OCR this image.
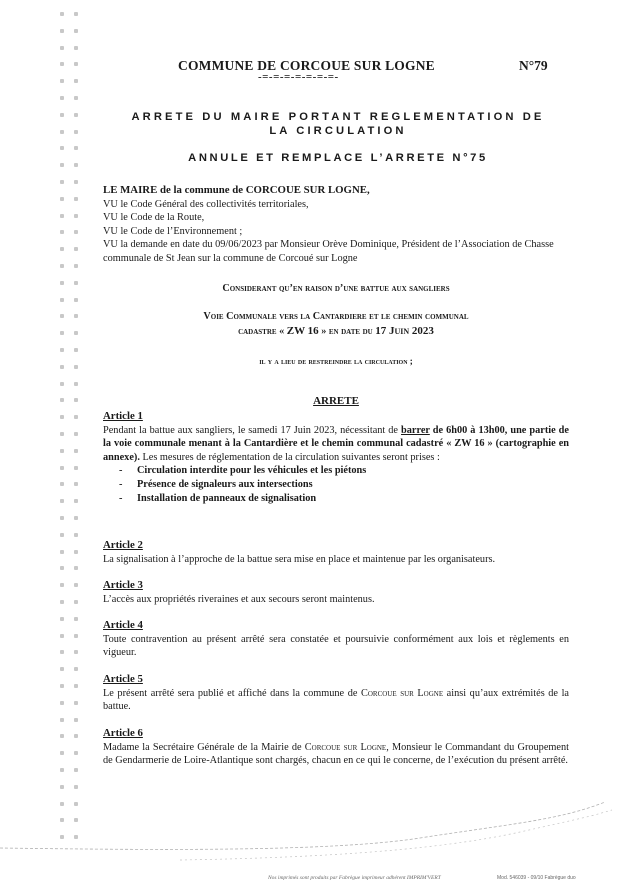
COMMUNE DE CORCOUE SUR LOGNE	N°79
-=-=-=-=-=-=-=-
ARRETE DU MAIRE PORTANT REGLEMENTATION DE
LA CIRCULATION
ANNULE ET REMPLACE L’ARRETE N°75
LE MAIRE de la commune de CORCOUE SUR LOGNE,
VU le Code Général des collectivités territoriales,
VU le Code de la Route,
VU le Code de l’Environnement ;
VU la demande en date du 09/06/2023 par Monsieur Orève Dominique, Président de l’Association de Chasse communale de St Jean sur la commune de Corcoué sur Logne
Considerant qu’en raison d’une battue aux sangliers
Voie Communale vers la Cantardiere et le chemin communal
cadastre « ZW 16 » en date du 17 Juin 2023
il y a lieu de restreindre la circulation ;
ARRETE
Article 1

Pendant la battue aux sangliers, le samedi 17 Juin 2023, nécessitant de barrer de 6h00 à 13h00, une partie de la voie communale menant à la Cantardière et le chemin communal cadastré « ZW 16 » (cartographie en annexe). Les mesures de réglementation de la circulation suivantes seront prises :

- Circulation interdite pour les véhicules et les piétons
- Présence de signaleurs aux intersections
- Installation de panneaux de signalisation
Article 2

La signalisation à l’approche de la battue sera mise en place et maintenue par les organisateurs.

Article 3

L’accès aux propriétés riveraines et aux secours seront maintenus.

Article 4

Toute contravention au présent arrêté sera constatée et poursuivie conformément aux lois et règlements en vigueur.

Article 5

Le présent arrêté sera publié et affiché dans la commune de Corcoue sur Logne ainsi qu’aux extrémités de la battue.

Article 6

Madame la Secrétaire Générale de la Mairie de Corcoue sur Logne, Monsieur le Commandant du Groupement de Gendarmerie de Loire-Atlantique sont chargés, chacun en ce qui le concerne, de l’exécution du présent arrêté.

Nos imprimés sont produits par Fabrègue imprimeur adhérent IMPRIM'VERT	Mod. 546039 - 09/10 Fabrègue duo
